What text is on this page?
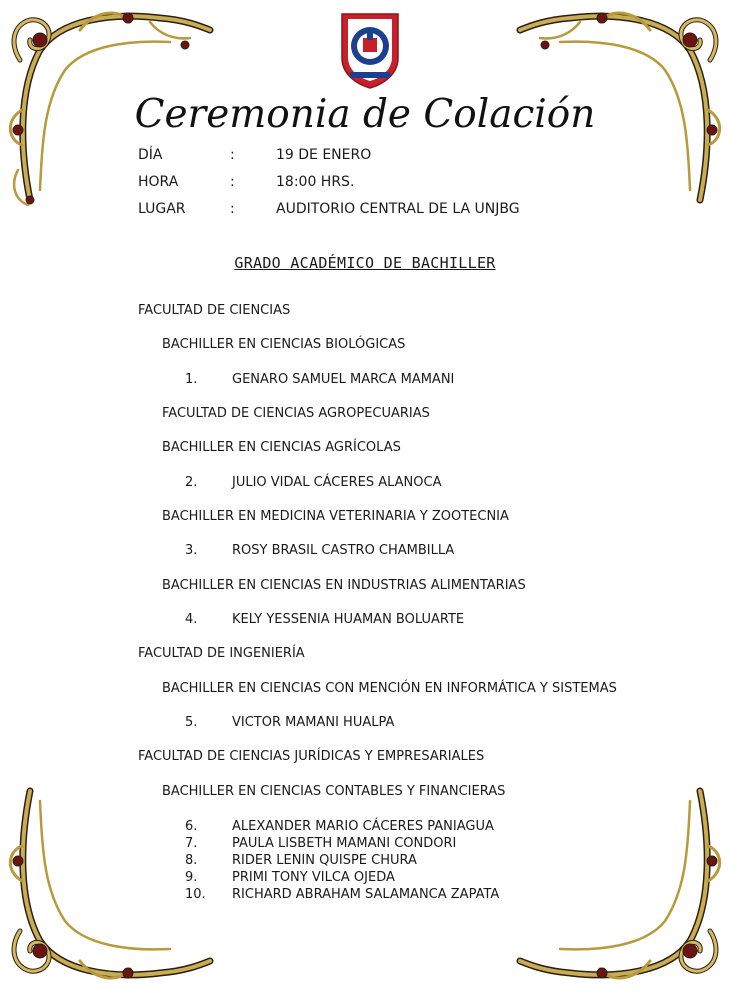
Ceremonia de Colación
DÍA	:	19 DE ENERO
HORA	:	18:00 HRS.
LUGAR	:	AUDITORIO CENTRAL DE LA UNJBG
GRADO ACADÉMICO DE BACHILLER
FACULTAD DE CIENCIAS
BACHILLER EN CIENCIAS BIOLÓGICAS
1.	GENARO SAMUEL MARCA MAMANI
FACULTAD DE CIENCIAS AGROPECUARIAS
BACHILLER EN CIENCIAS AGRÍCOLAS
2.	JULIO VIDAL CÁCERES ALANOCA
BACHILLER EN MEDICINA VETERINARIA Y ZOOTECNIA
3.	ROSY BRASIL CASTRO CHAMBILLA
BACHILLER EN CIENCIAS EN INDUSTRIAS ALIMENTARIAS
4.	KELY YESSENIA HUAMAN BOLUARTE
FACULTAD DE INGENIERÍA
BACHILLER EN CIENCIAS CON MENCIÓN EN INFORMÁTICA Y SISTEMAS
5.	VICTOR MAMANI HUALPA
FACULTAD DE CIENCIAS JURÍDICAS Y EMPRESARIALES
BACHILLER EN CIENCIAS CONTABLES Y FINANCIERAS
6.	ALEXANDER MARIO CÁCERES PANIAGUA
7.	PAULA LISBETH MAMANI CONDORI
8.	RIDER LENIN QUISPE CHURA
9.	PRIMI TONY VILCA OJEDA
10. RICHARD ABRAHAM SALAMANCA ZAPATA
